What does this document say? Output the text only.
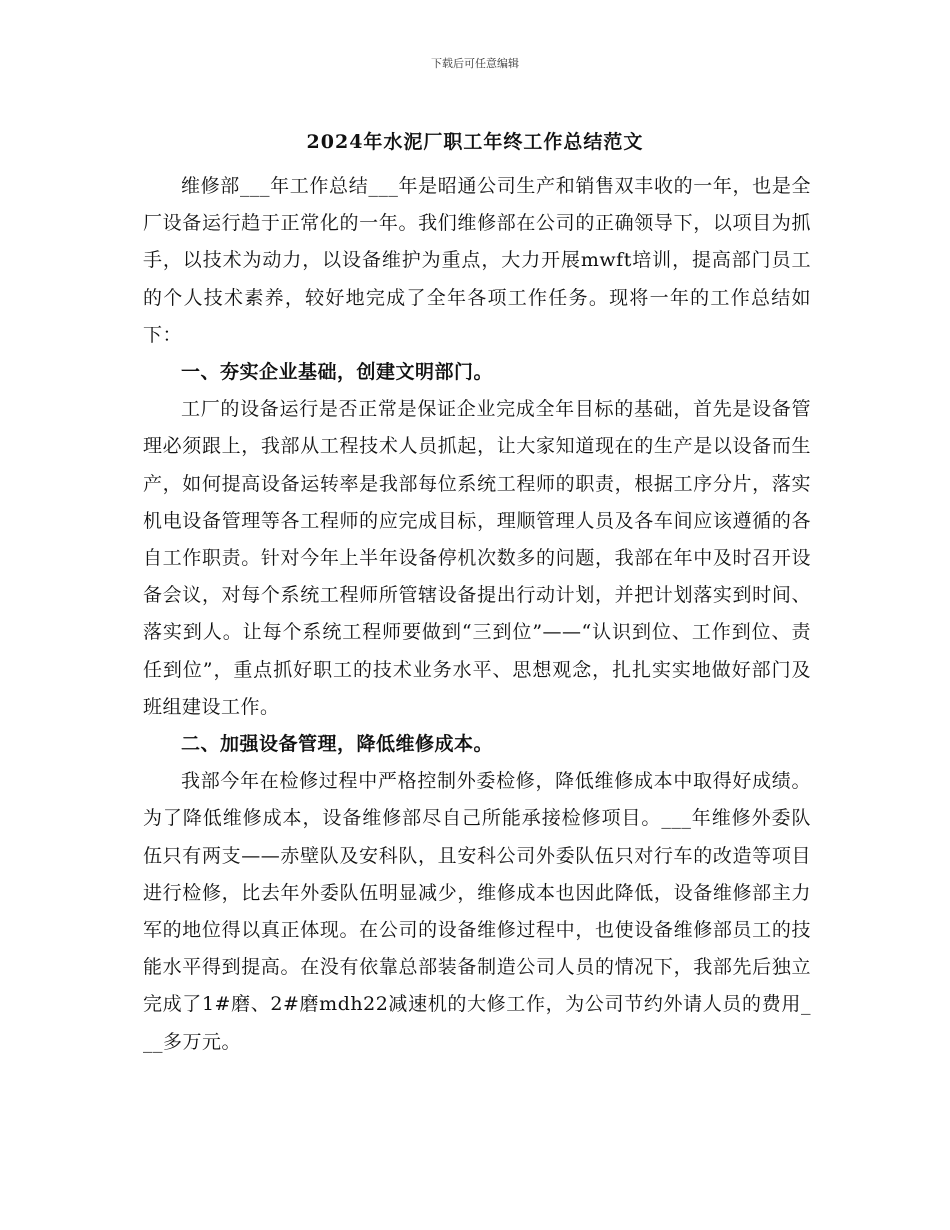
下载后可任意编辑
2024年水泥厂职工年终工作总结范文

维修部___年工作总结___年是昭通公司生产和销售双丰收的一年，也是全厂设备运行趋于正常化的一年。我们维修部在公司的正确领导下，以项目为抓手，以技术为动力，以设备维护为重点，大力开展mwft培训，提高部门员工的个人技术素养，较好地完成了全年各项工作任务。现将一年的工作总结如下：

一、夯实企业基础，创建文明部门。

工厂的设备运行是否正常是保证企业完成全年目标的基础，首先是设备管理必须跟上，我部从工程技术人员抓起，让大家知道现在的生产是以设备而生产，如何提高设备运转率是我部每位系统工程师的职责，根据工序分片，落实机电设备管理等各工程师的应完成目标，理顺管理人员及各车间应该遵循的各自工作职责。针对今年上半年设备停机次数多的问题，我部在年中及时召开设备会议，对每个系统工程师所管辖设备提出行动计划，并把计划落实到时间、落实到人。让每个系统工程师要做到“三到位”——“认识到位、工作到位、责任到位”，重点抓好职工的技术业务水平、思想观念，扎扎实实地做好部门及班组建设工作。

二、加强设备管理，降低维修成本。

我部今年在检修过程中严格控制外委检修，降低维修成本中取得好成绩。为了降低维修成本，设备维修部尽自己所能承接检修项目。___年维修外委队伍只有两支——赤壁队及安科队，且安科公司外委队伍只对行车的改造等项目进行检修，比去年外委队伍明显减少，维修成本也因此降低，设备维修部主力军的地位得以真正体现。在公司的设备维修过程中，也使设备维修部员工的技能水平得到提高。在没有依靠总部装备制造公司人员的情况下，我部先后独立完成了1#磨、2#磨mdh22减速机的大修工作，为公司节约外请人员的费用___多万元。
